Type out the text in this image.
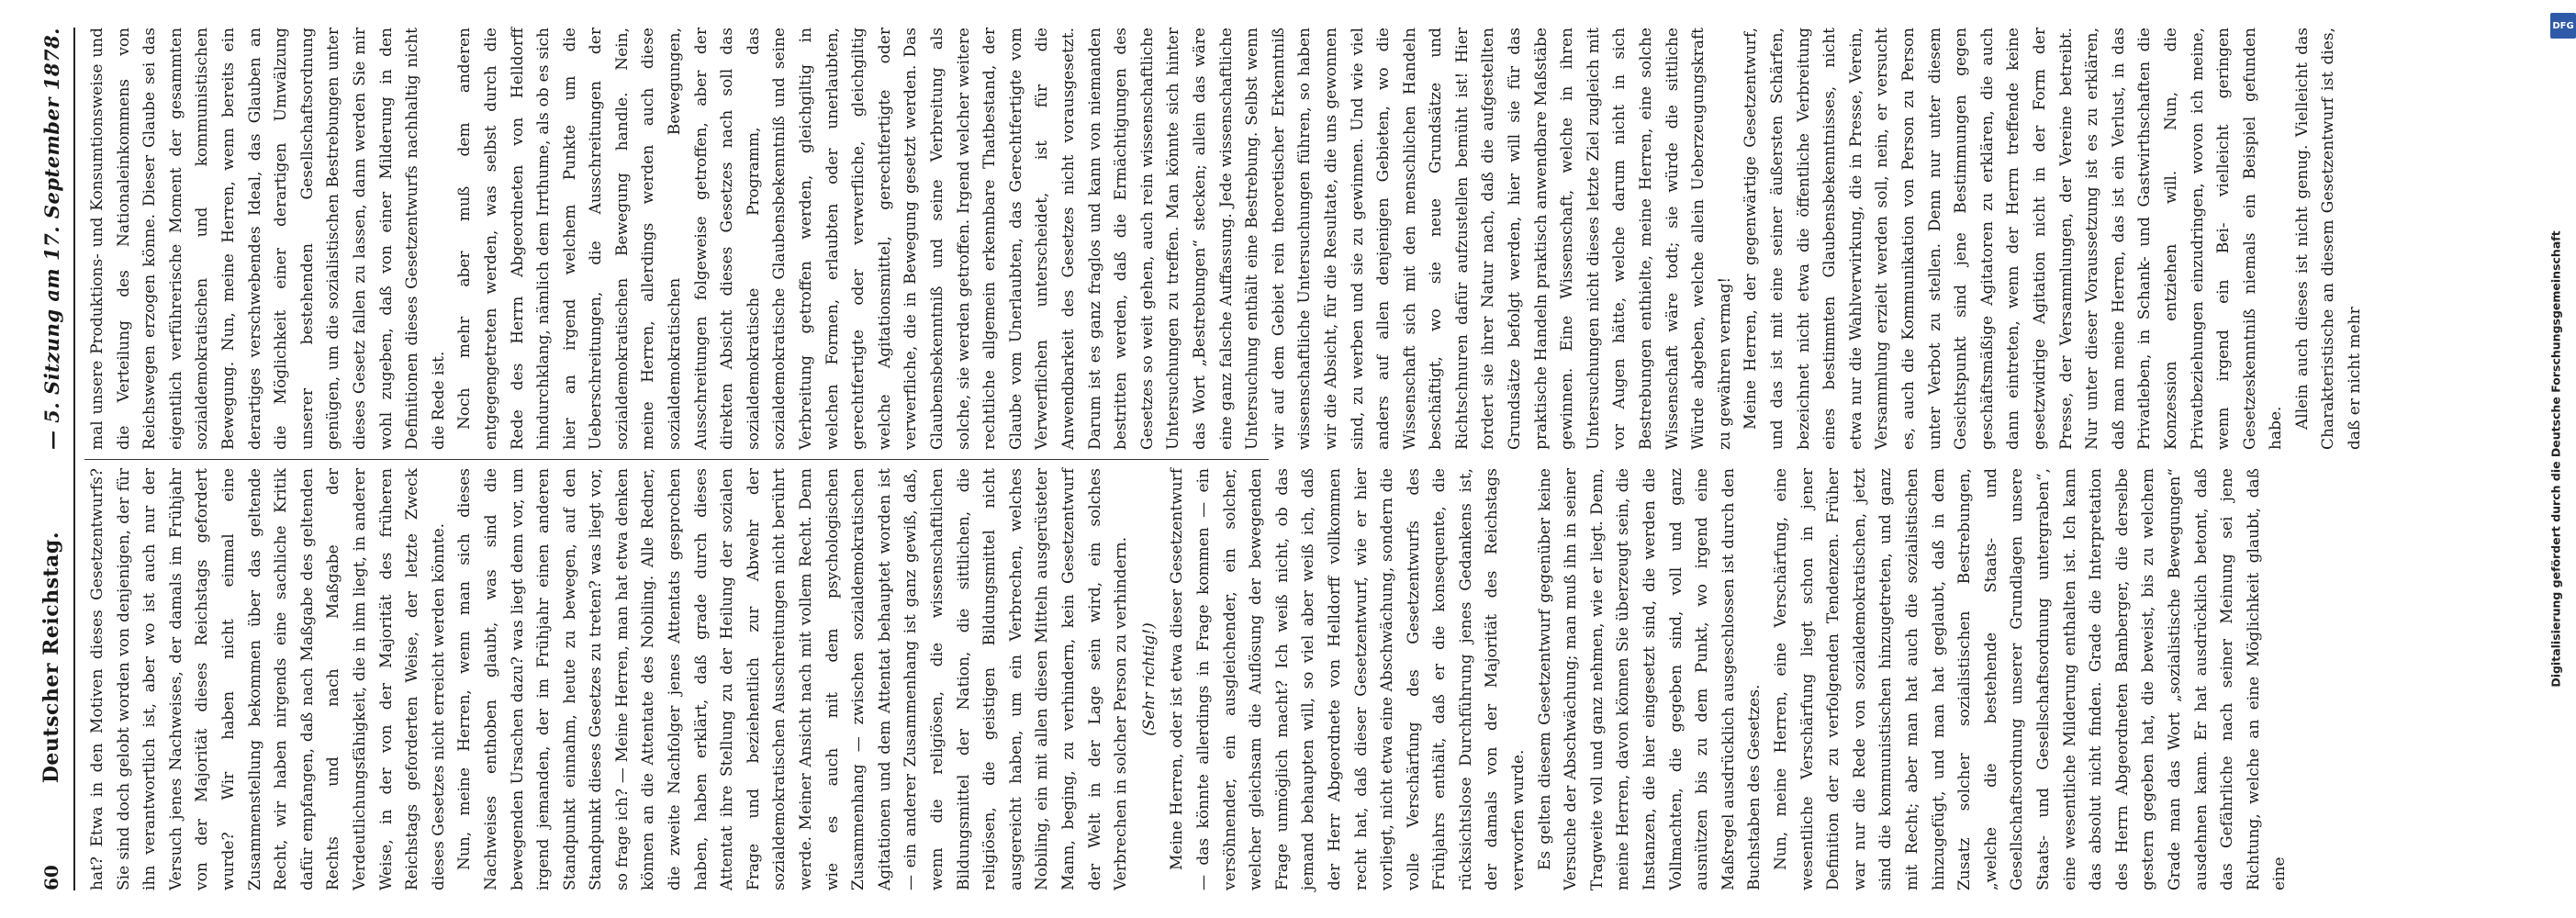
60
Deutscher Reichstag.
— 5. Sitzung am 17. September 1878.

hat? Etwa in den Motiven dieses Gesetzentwurfs? Sie sind doch gelobt worden von denjenigen, der für ihn verantwortlich ist, aber wo ist auch nur der Versuch jenes Nachweises, der damals im Frühjahr von der Majorität dieses Reichstags gefordert wurde? Wir haben nicht einmal eine Zusammenstellung bekommen über das geltende Recht, wir haben nirgends eine sachliche Kritik dafür empfangen, daß nach Maßgabe des geltenden Rechts und nach Maßgabe der Verdeutlichungsfähigkeit, die in ihm liegt, in anderer Weise, in der von der Majorität des früheren Reichstags geforderten Weise, der letzte Zweck dieses Gesetzes nicht erreicht werden könnte. Nun, meine Herren, wenn man sich dieses Nachweises enthoben glaubt, was sind die bewegenden Ursachen dazu? was liegt denn vor, um irgend jemanden, der im Frühjahr einen anderen Standpunkt einnahm, heute zu bewegen, auf den Standpunkt dieses Gesetzes zu treten? was liegt vor, so frage ich? — Meine Herren, man hat etwa denken können an die Attentate des Nobiling. Alle Redner, die zweite Nachfolger jenes Attentats gesprochen haben, haben erklärt, daß grade durch dieses Attentat ihre Stellung zu der Heilung der sozialen Frage und beziehentlich zur Abwehr der sozialdemokratischen Ausschreitungen nicht berührt werde. Meiner Ansicht nach mit vollem Recht. Denn wie es auch mit dem psychologischen Zusammenhang — zwischen sozialdemokratischen Agitationen und dem Attentat behauptet worden ist — ein anderer Zusammenhang ist ganz gewiß, daß, wenn die religiösen, die wissenschaftlichen Bildungsmittel der Nation, die sittlichen, die religiösen, die geistigen Bildungsmittel nicht ausgereicht haben, um ein Verbrechen, welches Nobiling, ein mit allen diesen Mitteln ausgerüsteter Mann, beging, zu verhindern, kein Gesetzentwurf der Welt in der Lage sein wird, ein solches Verbrechen in solcher Person zu verhindern. (Sehr richtig!) Meine Herren, oder ist etwa dieser Gesetzentwurf — das könnte allerdings in Frage kommen — ein versöhnender, ein ausgleichender, ein solcher, welcher gleichsam die Auflösung der bewegenden Frage unmöglich macht? Ich weiß nicht, ob das jemand behaupten will, so viel aber weiß ich, daß der Herr Abgeordnete von Helldorff vollkommen recht hat, daß dieser Gesetzentwurf, wie er hier vorliegt, nicht etwa eine Abschwächung, sondern die volle Verschärfung des Gesetzentwurfs des Frühjahrs enthält, daß er die konsequente, die rücksichtslose Durchführung jenes Gedankens ist, der damals von der Majorität des Reichstags verworfen wurde. Es gelten diesem Gesetzentwurf gegenüber keine Versuche der Abschwächung; man muß ihn in seiner Tragweite voll und ganz nehmen, wie er liegt. Denn, meine Herren, davon können Sie überzeugt sein, die Instanzen, die hier eingesetzt sind, die werden die Vollmachten, die gegeben sind, voll und ganz ausnützen bis zu dem Punkt, wo irgend eine Maßregel ausdrücklich ausgeschlossen ist durch den Buchstaben des Gesetzes. Nun, meine Herren, eine Verschärfung, eine wesentliche Verschärfung liegt schon in jener Definition der zu verfolgenden Tendenzen. Früher war nur die Rede von sozialdemokratischen, jetzt sind die kommunistischen hinzugetreten, und ganz mit Recht; aber man hat auch die sozialistischen hinzugefügt, und man hat geglaubt, daß in dem Zusatz solcher sozialistischen Bestrebungen, „welche die bestehende Staats- und Gesellschaftsordnung unserer Grundlagen unsere Staats- und Gesellschaftsordnung untergraben“, eine wesentliche Milderung enthalten ist. Ich kann das absolut nicht finden. Grade die Interpretation des Herrn Abgeordneten Bamberger, die derselbe gestern gegeben hat, die beweist, bis zu welchem Grade man das Wort „sozialistische Bewegungen“ ausdehnen kann. Er hat ausdrücklich betont, daß das Gefährliche nach seiner Meinung sei jene Richtung, welche an eine Möglichkeit glaubt, daß eine

mal unsere Produktions- und Konsumtionsweise und die Verteilung des Nationaleinkommens von Reichswegen erzogen könne. Dieser Glaube sei das eigentlich verführerische Moment der gesammten sozialdemokratischen und kommunistischen Bewegung. Nun, meine Herren, wenn bereits ein derartiges verschwebendes Ideal, das Glauben an die Möglichkeit einer derartigen Umwälzung unserer bestehenden Gesellschaftsordnung genügen, um die sozialistischen Bestrebungen unter dieses Gesetz fallen zu lassen, dann werden Sie mir wohl zugeben, daß von einer Milderung in den Definitionen dieses Gesetzentwurfs nachhaltig nicht die Rede ist. Noch mehr aber muß dem anderen entgegengetreten werden, was selbst durch die Rede des Herrn Abgeordneten von Helldorff hindurchklang, nämlich dem Irrthume, als ob es sich hier an irgend welchem Punkte um die Ueberschreitungen, die Ausschreitungen der sozialdemokratischen Bewegung handle. Nein, meine Herren, allerdings werden auch diese sozialdemokratischen Bewegungen, Ausschreitungen folgeweise getroffen, aber der direkten Absicht dieses Gesetzes nach soll das sozialdemokratische Programm, das sozialdemokratische Glaubensbekenntniß und seine Verbreitung getroffen werden, gleichgiltig in welchen Formen, erlaubten oder unerlaubten, gerechtfertigte oder verwerfliche, gleichgiltig welche Agitationsmittel, gerechtfertigte oder verwerfliche, die in Bewegung gesetzt werden. Das Glaubensbekenntniß und seine Verbreitung als solche, sie werden getroffen. Irgend welcher weitere rechtliche allgemein erkennbare Thatbestand, der Glaube vom Unerlaubten, das Gerechtfertigte vom Verwerflichen unterscheidet, ist für die Anwendbarkeit des Gesetzes nicht vorausgesetzt. Darum ist es ganz fraglos und kann von niemanden bestritten werden, daß die Ermächtigungen des Gesetzes so weit gehen, auch rein wissenschaftliche Untersuchungen zu treffen. Man könnte sich hinter das Wort „Bestrebungen“ stecken; allein das wäre eine ganz falsche Auffassung. Jede wissenschaftliche Untersuchung enthält eine Bestrebung. Selbst wenn wir auf dem Gebiet rein theoretischer Erkenntniß wissenschaftliche Untersuchungen führen, so haben wir die Absicht, für die Resultate, die uns gewonnen sind, zu werben und sie zu gewinnen. Und wie viel anders auf allen denjenigen Gebieten, wo die Wissenschaft sich mit den menschlichen Handeln beschäftigt, wo sie neue Grundsätze und Richtschnuren dafür aufzustellen bemüht ist! Hier fordert sie ihrer Natur nach, daß die aufgestellten Grundsätze befolgt werden, hier will sie für das praktische Handeln praktisch anwendbare Maßstäbe gewinnen. Eine Wissenschaft, welche in ihren Untersuchungen nicht dieses letzte Ziel zugleich mit vor Augen hätte, welche darum nicht in sich Bestrebungen enthielte, meine Herren, eine solche Wissenschaft wäre todt; sie würde die sittliche Würde abgeben, welche allein Ueberzeugungskraft zu gewähren vermag! Meine Herren, der gegenwärtige Gesetzentwurf, und das ist mit eine seiner äußersten Schärfen, bezeichnet nicht etwa die öffentliche Verbreitung eines bestimmten Glaubensbekenntnisses, nicht etwa nur die Wahlverwirkung, die in Presse, Verein, Versammlung erzielt werden soll, nein, er versucht es, auch die Kommunikation von Person zu Person unter Verbot zu stellen. Denn nur unter diesem Gesichtspunkt sind jene Bestimmungen gegen geschäftsmäßige Agitatoren zu erklären, die auch dann eintreten, wenn der Herrn treffende keine gesetzwidrige Agitation nicht in der Form der Presse, der Versammlungen, der Vereine betreibt. Nur unter dieser Voraussetzung ist es zu erklären, daß man meine Herren, das ist ein Verlust, in das Privatleben, in Schank- und Gastwirthschaften die Konzession entziehen will. Nun, die Privatbeziehungen einzudringen, wovon ich meine, wenn irgend ein Bei- vielleicht geringen Gesetzeskenntniß niemals ein Beispiel gefunden habe. Allein auch dieses ist nicht genug. Vielleicht das Charakteristische an diesem Gesetzentwurf ist dies, daß er nicht mehr

DFG
Digitalisierung gefördert durch die Deutsche Forschungsgemeinschaft
